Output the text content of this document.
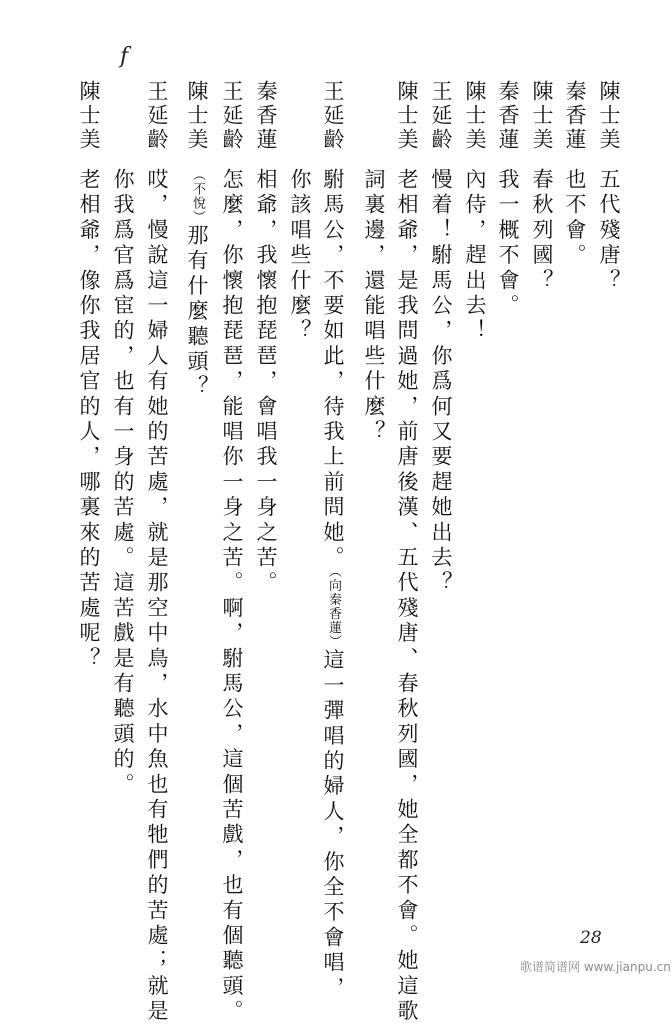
f
陳士美
五代殘唐？
秦香蓮
也不會。
陳士美
春秋列國？
秦香蓮
我一概不會。
陳士美
內侍，趕出去！
王延齡
慢着！駙馬公，你爲何又要趕她出去？
陳士美
老相爺，是我問過她，前唐後漢、五代殘唐、春秋列國，她全都不會。她這歌
詞裏邊，還能唱些什麼？
王延齡
駙馬公，不要如此，待我上前問她。（向秦香蓮）這一彈唱的婦人，你全不會唱，
你該唱些什麼？
秦香蓮
相爺，我懷抱琵琶，會唱我一身之苦。
王延齡
怎麼，你懷抱琵琶，能唱你一身之苦。啊，駙馬公，這個苦戲，也有個聽頭。
陳士美
（不悅）那有什麼聽頭？
王延齡
哎，慢說這一婦人有她的苦處，就是那空中鳥，水中魚也有牠們的苦處；就是
你我爲官爲宦的，也有一身的苦處。這苦戲是有聽頭的。
陳士美
老相爺，像你我居官的人，哪裏來的苦處呢？
28
歌谱简谱网 www.jianpu.cn
